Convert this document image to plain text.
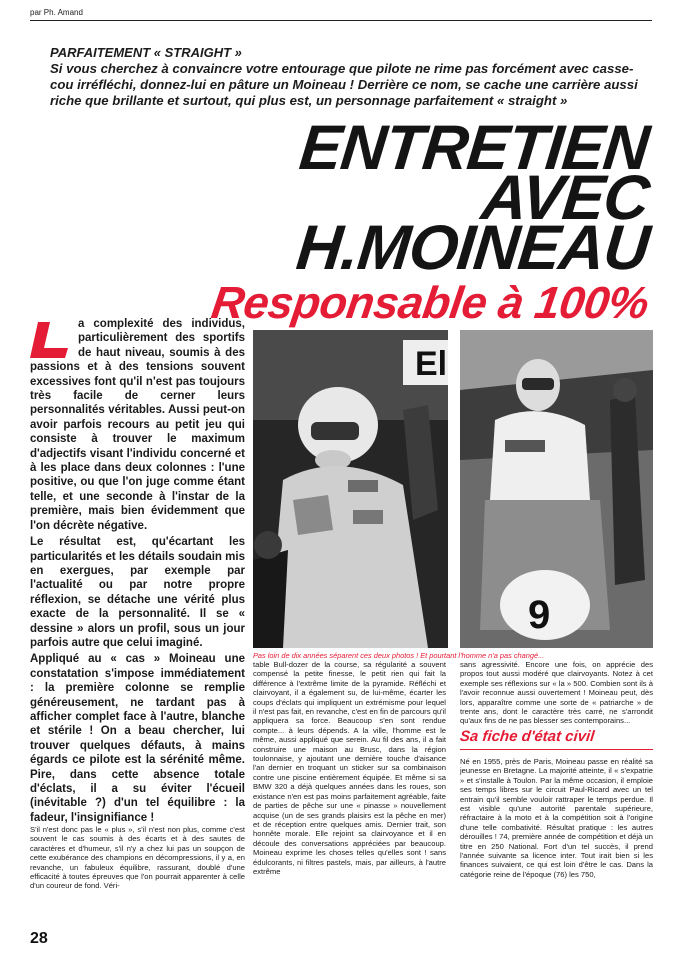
par Ph. Amand
PARFAITEMENT « STRAIGHT »
Si vous cherchez à convaincre votre entourage que pilote ne rime pas forcément avec casse-cou irréfléchi, donnez-lui en pâture un Moineau ! Derrière ce nom, se cache une carrière aussi riche que brillante et surtout, qui plus est, un personnage parfaitement « straight »
ENTRETIEN
AVEC
H.MOINEAU
Responsable à 100%

a complexité des individus, particulièrement des sportifs de haut niveau, soumis à des passions et à des tensions souvent excessives font qu'il n'est pas toujours très facile de cerner leurs personnalités véritables. Aussi peut-on avoir parfois recours au petit jeu qui consiste à trouver le maximum d'adjectifs visant l'individu concerné et à les place dans deux colonnes : l'une positive, ou que l'on juge comme étant telle, et une seconde à l'instar de la première, mais bien évidemment que l'on décrète négative.

Le résultat est, qu'écartant les particularités et les détails soudain mis en exergues, par exemple par l'actualité ou par notre propre réflexion, se détache une vérité plus exacte de la personnalité. Il se « dessine » alors un profil, sous un jour parfois autre que celui imaginé.

Appliqué au « cas » Moineau une constatation s'impose immédiatement : la première colonne se remplie généreusement, ne tardant pas à afficher complet face à l'autre, blanche et stérile ! On a beau chercher, lui trouver quelques défauts, à mains égards ce pilote est la sérénité même. Pire, dans cette absence totale d'éclats, il a su éviter l'écueil (inévitable ?) d'un tel équilibre : la fadeur, l'insignifiance !

S'il n'est donc pas le « plus », s'il n'est non plus, comme c'est souvent le cas soumis à des écarts et à des sautes de caractères et d'humeur, s'il n'y a chez lui pas un soupçon de cette exubérance des champions en décompressions, il y a, en revanche, un fabuleux équilibre, rassurant, doublé d'une efficacité à toutes épreuves que l'on pourrait apparenter à celle d'un coureur de fond. Véri-
El
9
Pas loin de dix années séparent ces deux photos ! Et pourtant l'homme n'a pas changé...
table Bull-dozer de la course, sa régularité a souvent compensé la petite finesse, le petit rien qui fait la différence à l'extrême limite de la pyramide. Réfléchi et clairvoyant, il a également su, de lui-même, écarter les coups d'éclats qui impliquent un extrémisme pour lequel il n'est pas fait, en revanche, c'est en fin de parcours qu'il appliquera sa force. Beaucoup s'en sont rendue compte... à leurs dépends. A la ville, l'homme est le même, aussi appliqué que serein. Au fil des ans, il a fait construire une maison au Brusc, dans la région toulonnaise, y ajoutant une dernière touche d'aisance l'an dernier en troquant un sticker sur sa combinaison contre une piscine entièrement équipée. Et même si sa BMW 320 a déjà quelques années dans les roues, son existance n'en est pas moins parfaitement agréable, faite de parties de pêche sur une « pinasse » nouvellement acquise (un de ses grands plaisirs est la pêche en mer) et de réception entre quelques amis. Dernier trait, son honnête morale. Elle rejoint sa clairvoyance et il en découle des conversations appréciées par beaucoup. Moineau exprime les choses telles qu'elles sont ! sans édulcorants, ni filtres pastels, mais, par ailleurs, à l'autre extrême
sans agressivité. Encore une fois, on apprécie des propos tout aussi modéré que clairvoyants. Notez à cet exemple ses réflexions sur « la » 500. Combien sont ils à l'avoir reconnue aussi ouvertement ! Moineau peut, dès lors, apparaître comme une sorte de « patriarche » de trente ans, dont le caractère très carré, ne s'arrondit qu'aux fins de ne pas blesser ses contemporains...
Sa fiche d'état civil
Né en 1955, près de Paris, Moineau passe en réalité sa jeunesse en Bretagne. La majorité atteinte, il « s'expatrie » et s'installe à Toulon. Par la même occasion, il emploie ses temps libres sur le circuit Paul-Ricard avec un tel entrain qu'il semble vouloir rattraper le temps perdue. Il est visible qu'une autorité parentale supérieure, réfractaire à la moto et à la compétition soit à l'origine d'une telle combativité. Résultat pratique : les autres dérouilles ! 74, première année de compétition et déjà un titre en 250 National. Fort d'un tel succès, il prend l'année suivante sa licence inter. Tout irait bien si les finances suivaient, ce qui est loin d'être le cas. Dans la catégorie reine de l'époque (76) les 750,
28
